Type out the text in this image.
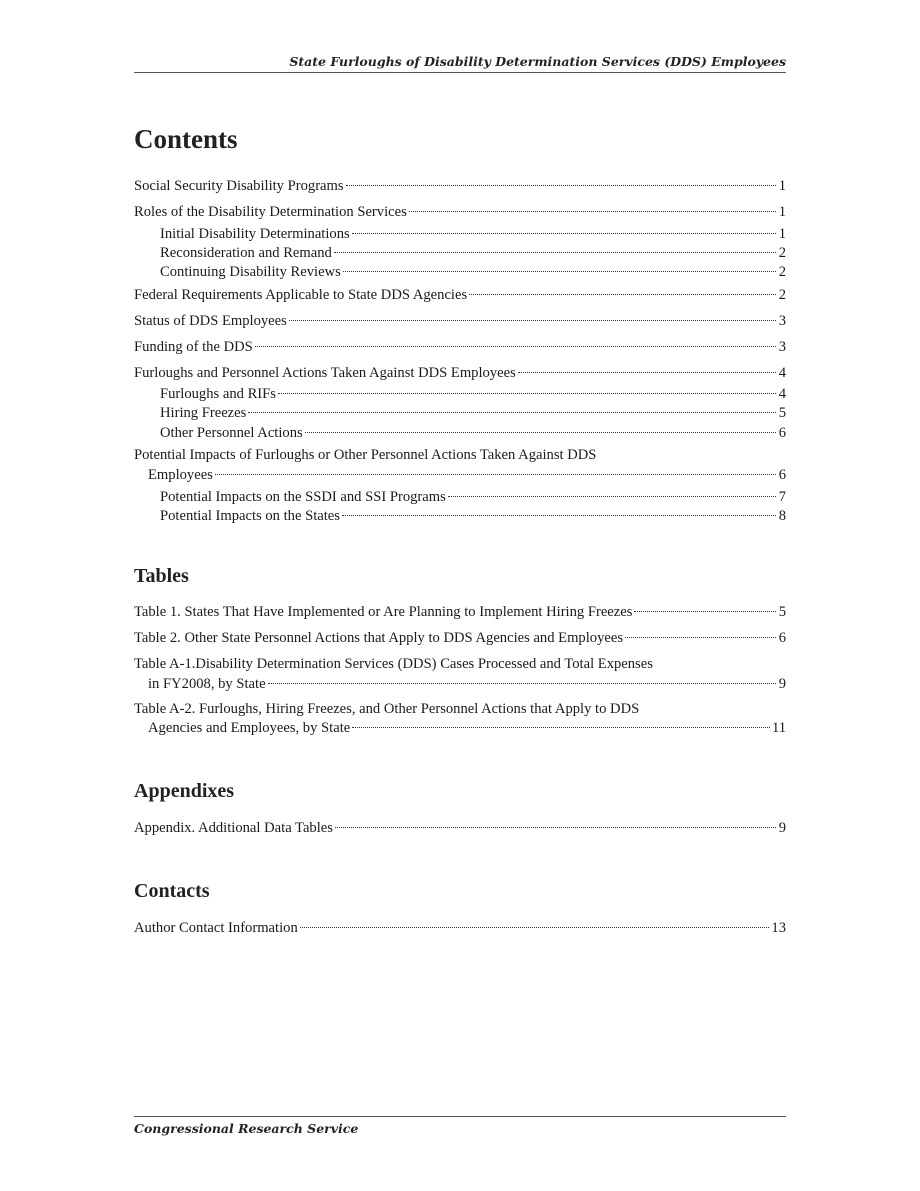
State Furloughs of Disability Determination Services (DDS) Employees
Contents
Social Security Disability Programs	1
Roles of the Disability Determination Services	1
Initial Disability Determinations	1
Reconsideration and Remand	2
Continuing Disability Reviews	2
Federal Requirements Applicable to State DDS Agencies	2
Status of DDS Employees	3
Funding of the DDS	3
Furloughs and Personnel Actions Taken Against DDS Employees	4
Furloughs and RIFs	4
Hiring Freezes	5
Other Personnel Actions	6
Potential Impacts of Furloughs or Other Personnel Actions Taken Against DDS
Employees	6
Potential Impacts on the SSDI and SSI Programs	7
Potential Impacts on the States	8
Tables
Table 1. States That Have Implemented or Are Planning to Implement Hiring Freezes	5
Table 2. Other State Personnel Actions that Apply to DDS Agencies and Employees	6
Table A-1.Disability Determination Services (DDS) Cases Processed and Total Expenses
in FY2008, by State	9
Table A-2. Furloughs, Hiring Freezes, and Other Personnel Actions that Apply to DDS
Agencies and Employees, by State	11
Appendixes
Appendix. Additional Data Tables	9
Contacts
Author Contact Information	13
Congressional Research Service
